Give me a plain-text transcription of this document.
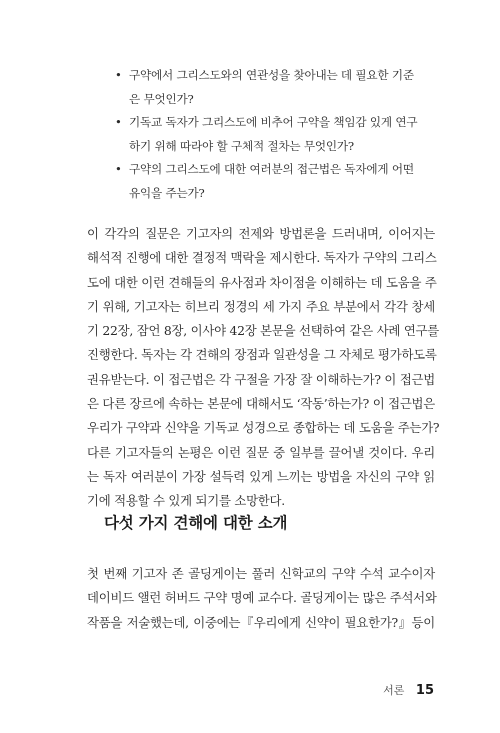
• 구약에서 그리스도와의 연관성을 찾아내는 데 필요한 기준
은 무엇인가?
• 기독교 독자가 그리스도에 비추어 구약을 책임감 있게 연구
하기 위해 따라야 할 구체적 절차는 무엇인가?
• 구약의 그리스도에 대한 여러분의 접근법은 독자에게 어떤
유익을 주는가?

이 각각의 질문은 기고자의 전제와 방법론을 드러내며, 이어지는
해석적 진행에 대한 결정적 맥락을 제시한다. 독자가 구약의 그리스
도에 대한 이런 견해들의 유사점과 차이점을 이해하는 데 도움을 주
기 위해, 기고자는 히브리 정경의 세 가지 주요 부분에서 각각 창세
기 22장, 잠언 8장, 이사야 42장 본문을 선택하여 같은 사례 연구를
진행한다. 독자는 각 견해의 장점과 일관성을 그 자체로 평가하도록
권유받는다. 이 접근법은 각 구절을 가장 잘 이해하는가? 이 접근법
은 다른 장르에 속하는 본문에 대해서도 ‘작동’하는가? 이 접근법은
우리가 구약과 신약을 기독교 성경으로 종합하는 데 도움을 주는가?
다른 기고자들의 논평은 이런 질문 중 일부를 끌어낼 것이다. 우리
는 독자 여러분이 가장 설득력 있게 느끼는 방법을 자신의 구약 읽
기에 적용할 수 있게 되기를 소망한다.

다섯 가지 견해에 대한 소개

첫 번째 기고자 존 골딩게이는 풀러 신학교의 구약 수석 교수이자
데이비드 앨런 허버드 구약 명예 교수다. 골딩게이는 많은 주석서와
작품을 저술했는데, 이중에는『우리에게 신약이 필요한가?』등이

서론 15
